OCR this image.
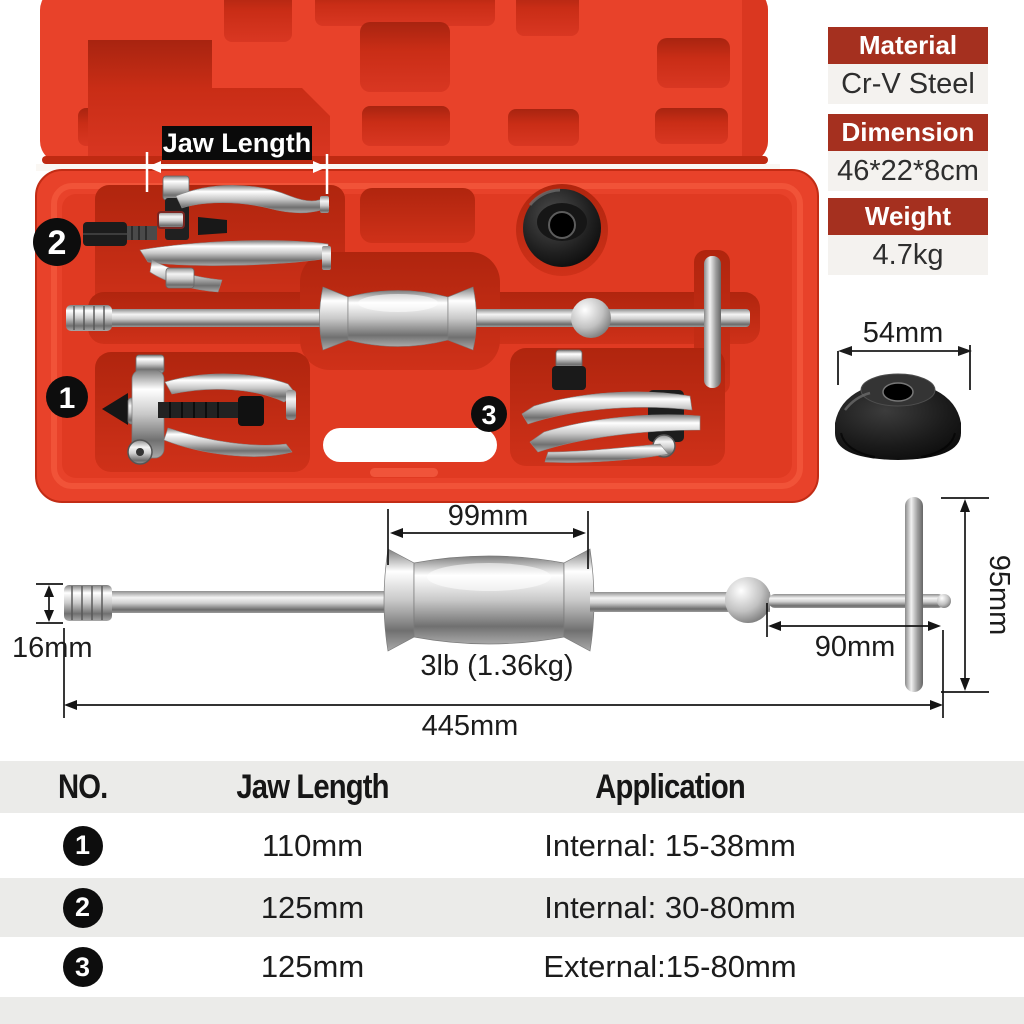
Jaw Length
2
1	3
Material
Cr-V Steel
Dimension
46*22*8cm
Weight
4.7kg
54mm
99mm
16mm
3lb (1.36kg)
90mm
95mm
445mm
NO.	Jaw Length	Application
1	110mm	Internal: 15-38mm
2	125mm	Internal: 30-80mm
3	125mm	External:15-80mm
